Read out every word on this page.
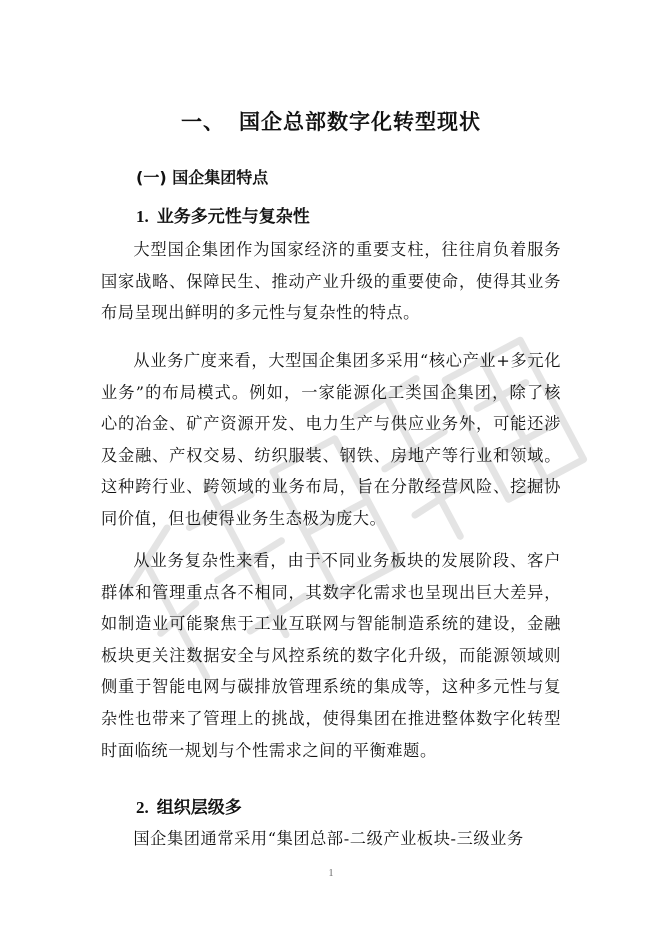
一、 国企总部数字化转型现状
(一) 国企集团特点
1. 业务多元性与复杂性

大型国企集团作为国家经济的重要支柱，往往肩负着服务国家战略、保障民生、推动产业升级的重要使命，使得其业务布局呈现出鲜明的多元性与复杂性的特点。

从业务广度来看，大型国企集团多采用“核心产业+多元化业务”的布局模式。例如，一家能源化工类国企集团，除了核心的冶金、矿产资源开发、电力生产与供应业务外，可能还涉及金融、产权交易、纺织服装、钢铁、房地产等行业和领域。这种跨行业、跨领域的业务布局，旨在分散经营风险、挖掘协同价值，但也使得业务生态极为庞大。

从业务复杂性来看，由于不同业务板块的发展阶段、客户群体和管理重点各不相同，其数字化需求也呈现出巨大差异，如制造业可能聚焦于工业互联网与智能制造系统的建设，金融板块更关注数据安全与风控系统的数字化升级，而能源领域则侧重于智能电网与碳排放管理系统的集成等，这种多元性与复杂性也带来了管理上的挑战，使得集团在推进整体数字化转型时面临统一规划与个性需求之间的平衡难题。

2. 组织层级多

国企集团通常采用“集团总部-二级产业板块-三级业务

1
